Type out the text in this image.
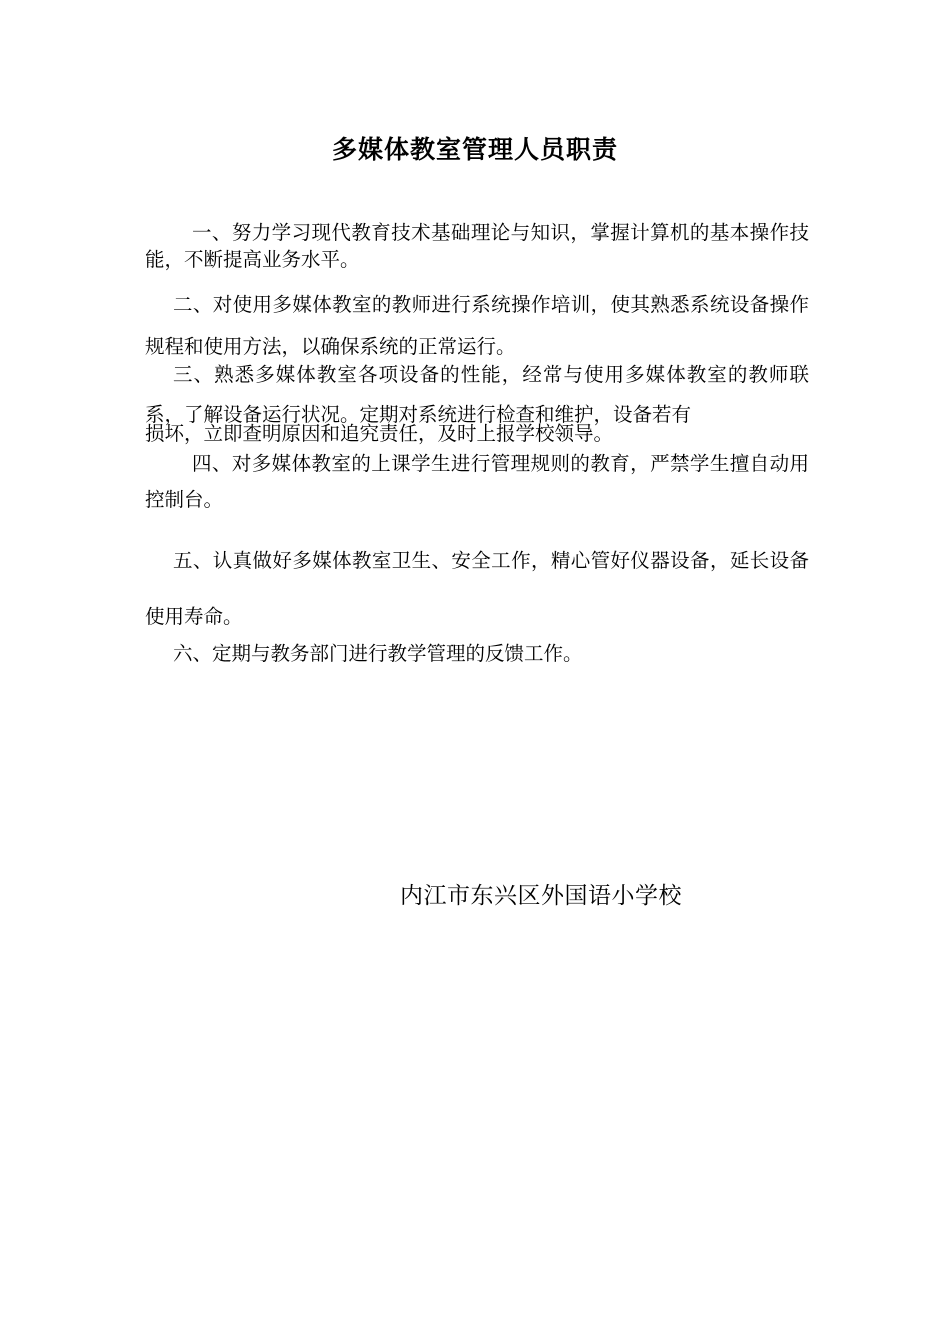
多媒体教室管理人员职责

一、努力学习现代教育技术基础理论与知识，掌握计算机的基本操作技能，不断提高业务水平。

二、对使用多媒体教室的教师进行系统操作培训，使其熟悉系统设备操作规程和使用方法，以确保系统的正常运行。

三、熟悉多媒体教室各项设备的性能，经常与使用多媒体教室的教师联系，了解设备运行状况。定期对系统进行检查和维护，设备若有

损坏，立即查明原因和追究责任，及时上报学校领导。

四、对多媒体教室的上课学生进行管理规则的教育，严禁学生擅自动用控制台。

五、认真做好多媒体教室卫生、安全工作，精心管好仪器设备，延长设备使用寿命。

六、定期与教务部门进行教学管理的反馈工作。

内江市东兴区外国语小学校
